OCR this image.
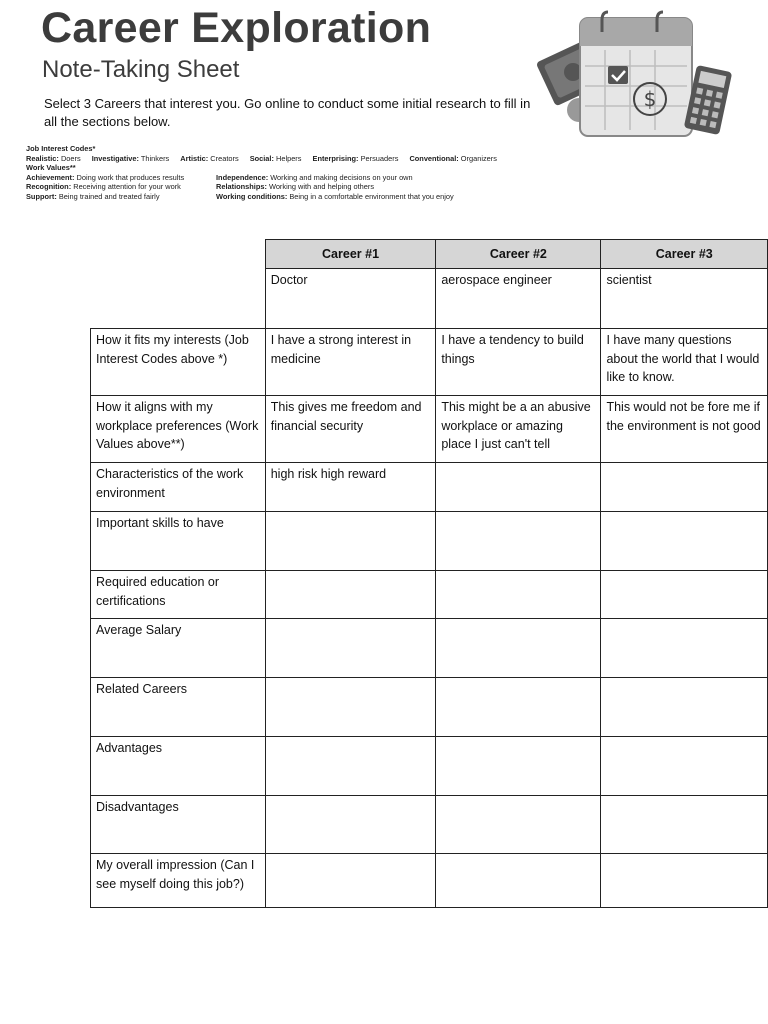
Career Exploration
Note-Taking Sheet
Select 3 Careers that interest you. Go online to conduct some initial research to fill in all the sections below.
$
Job Interest Codes*
Realistic: Doers Investigative: Thinkers Artistic: Creators Social: Helpers Enterprising: Persuaders Conventional: Organizers
Work Values**
Achievement: Doing work that produces results	Independence: Working and making decisions on your own
Recognition: Receiving attention for your work	Relationships: Working with and helping others
Support: Being trained and treated fairly	Working conditions: Being in a comfortable environment that you enjoy
	Career #1	Career #2	Career #3
	Doctor	aerospace engineer	scientist
How it fits my interests (Job Interest Codes above *)	I have a strong interest in medicine	I have a tendency to build things	I have many questions about the world that I would like to know.
How it aligns with my workplace preferences (Work Values above**)	This gives me freedom and financial security	This might be a an abusive workplace or amazing place I just can't tell	This would not be fore me if the environment is not good
Characteristics of the work environment	high risk high reward		
Important skills to have			
Required education or certifications			
Average Salary			
Related Careers			
Advantages			
Disadvantages			
My overall impression (Can I see myself doing this job?)			
